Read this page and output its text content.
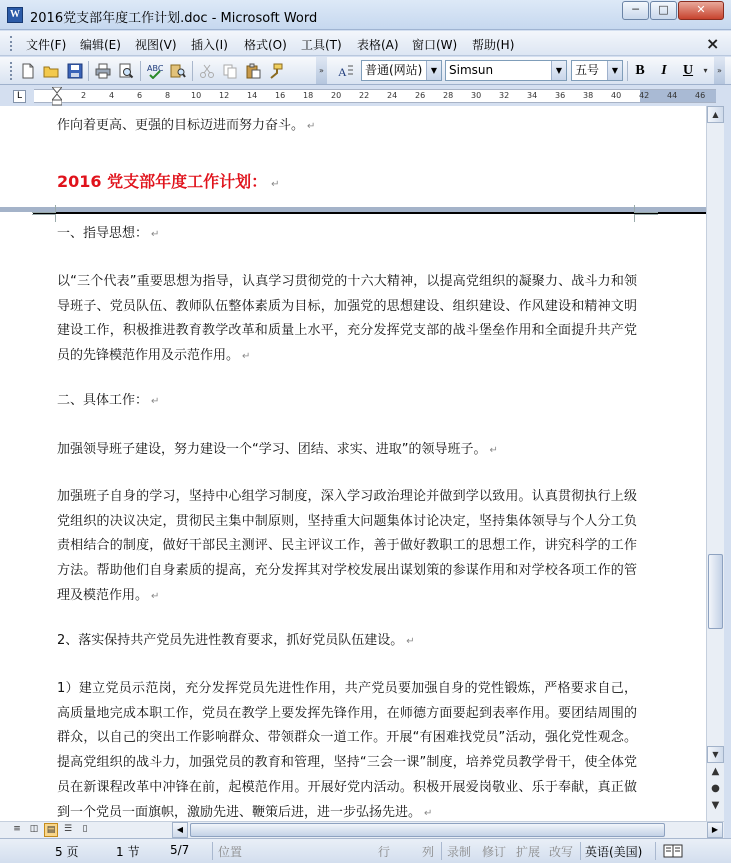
W 2016党支部年度工作计划.doc - Microsoft Word
─	□	✕
文件(F) 编辑(E) 视图(V) 插入(I) 格式(O) 工具(T) 表格(A) 窗口(W) 帮助(H)	×
ABC	» A	普通(网站)	▼ Simsun	▼	五号	▼ B	I	U	▾	»
L	2	4	6	8	10 12 14 16 18 20 22 24 26 28 30 32 34 36 38 40 42 44 46
作向着更高、更强的目标迈进而努力奋斗。 ↵
2016 党支部年度工作计划： ↵
一、指导思想： ↵
以“三个代表”重要思想为指导，认真学习贯彻党的十六大精神，以提高党组织的凝聚力、战斗力和领导班子、党员队伍、教师队伍整体素质为目标，加强党的思想建设、组织建设、作风建设和精神文明建设工作，积极推进教育教学改革和质量上水平，充分发挥党支部的战斗堡垒作用和全面提升共产党员的先锋模范作用及示范作用。 ↵
二、具体工作： ↵
加强领导班子建设，努力建设一个“学习、团结、求实、进取”的领导班子。 ↵
加强班子自身的学习，坚持中心组学习制度，深入学习政治理论并做到学以致用。认真贯彻执行上级党组织的决议决定，贯彻民主集中制原则，坚持重大问题集体讨论决定，坚持集体领导与个人分工负责相结合的制度，做好干部民主测评、民主评议工作，善于做好教职工的思想工作，讲究科学的工作方法。帮助他们自身素质的提高，充分发挥其对学校发展出谋划策的参谋作用和对学校各项工作的管理及模范作用。 ↵
2、落实保持共产党员先进性教育要求，抓好党员队伍建设。 ↵
1）建立党员示范岗，充分发挥党员先进性作用，共产党员要加强自身的党性锻炼，严格要求自己，高质量地完成本职工作，党员在教学上要发挥先锋作用，在师德方面要起到表率作用。要团结周围的群众，以自己的突出工作影响群众、带领群众一道工作。开展“有困难找党员”活动，强化党性观念。提高党组织的战斗力，加强党员的教育和管理，坚持“三会一课”制度，培养党员教学骨干，使全体党员在新课程改革中冲锋在前，起模范作用。开展好党内活动。积极开展爱岗敬业、乐于奉献，真正做到一个党员一面旗帜，激励先进、鞭策后进，进一步弘扬先进。 ↵
▲
▼
▲
●
▼
≡ ◫ ▤ ☰	▯	◀	▶
5 页	1 节	5/7 位置	行	列 录制 修订 扩展 改写 英语(美国)
